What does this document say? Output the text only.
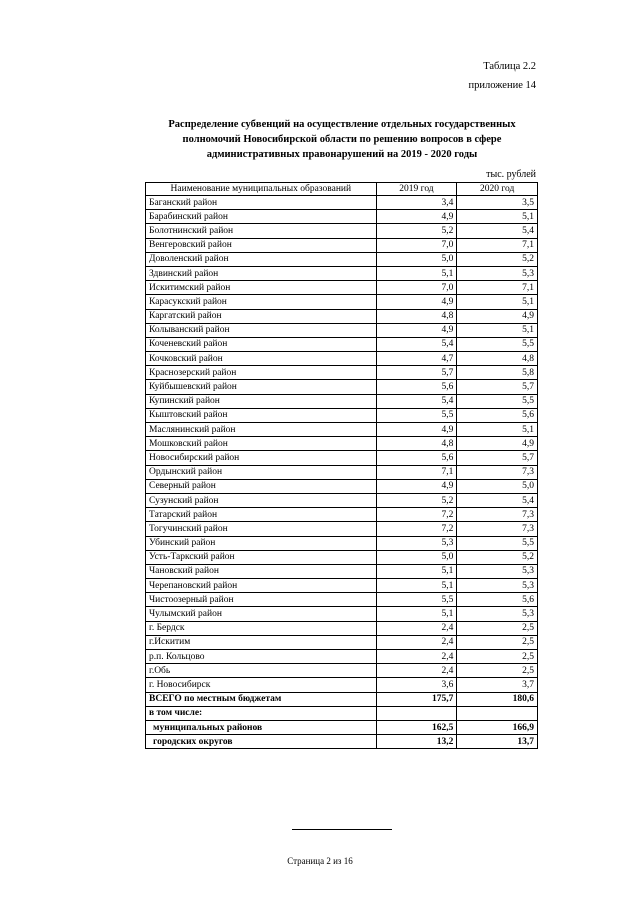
Таблица 2.2
приложение 14
Распределение субвенций на осуществление отдельных государственных полномочий Новосибирской области по решению вопросов в сфере административных правонарушений на 2019 - 2020 годы
тыс. рублей
Наименование муниципальных образований	2019 год	2020 год
Баганский район	3,4	3,5
Барабинский район	4,9	5,1
Болотнинский район	5,2	5,4
Венгеровский район	7,0	7,1
Доволенский район	5,0	5,2
Здвинский район	5,1	5,3
Искитимский район	7,0	7,1
Карасукский район	4,9	5,1
Каргатский район	4,8	4,9
Колыванский район	4,9	5,1
Коченевский район	5,4	5,5
Кочковский район	4,7	4,8
Краснозерский район	5,7	5,8
Куйбышевский район	5,6	5,7
Купинский район	5,4	5,5
Кыштовский район	5,5	5,6
Маслянинский район	4,9	5,1
Мошковский район	4,8	4,9
Новосибирский район	5,6	5,7
Ордынский район	7,1	7,3
Северный район	4,9	5,0
Сузунский район	5,2	5,4
Татарский район	7,2	7,3
Тогучинский район	7,2	7,3
Убинский район	5,3	5,5
Усть-Таркский район	5,0	5,2
Чановский район	5,1	5,3
Черепановский район	5,1	5,3
Чистоозерный район	5,5	5,6
Чулымский район	5,1	5,3
г. Бердск	2,4	2,5
г.Искитим	2,4	2,5
р.п. Кольцово	2,4	2,5
г.Обь	2,4	2,5
г. Новосибирск	3,6	3,7
ВСЕГО по местным бюджетам	175,7	180,6
в том числе:		
муниципальных районов	162,5	166,9
городских округов	13,2	13,7
Страница 2 из 16
